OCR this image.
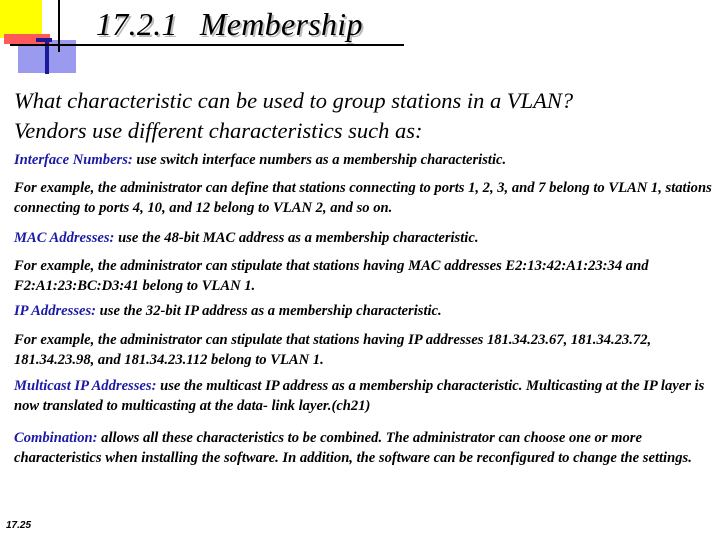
17.2.1 Membership
What characteristic can be used to group stations in a VLAN?
Vendors use different characteristics such as:

Interface Numbers: use switch interface numbers as a membership characteristic.

For example, the administrator can define that stations connecting to ports 1, 2, 3, and 7 belong to VLAN 1, stations connecting to ports 4, 10, and 12 belong to VLAN 2, and so on.

MAC Addresses: use the 48-bit MAC address as a membership characteristic.

For example, the administrator can stipulate that stations having MAC addresses E2:13:42:A1:23:34 and F2:A1:23:BC:D3:41 belong to VLAN 1.

IP Addresses: use the 32-bit IP address as a membership characteristic.

For example, the administrator can stipulate that stations having IP addresses 181.34.23.67, 181.34.23.72, 181.34.23.98, and 181.34.23.112 belong to VLAN 1.

Multicast IP Addresses: use the multicast IP address as a membership characteristic. Multicasting at the IP layer is now translated to multicasting at the data- link layer.(ch21)

Combination: allows all these characteristics to be combined. The administrator can choose one or more characteristics when installing the software. In addition, the software can be reconfigured to change the settings.

17.25
